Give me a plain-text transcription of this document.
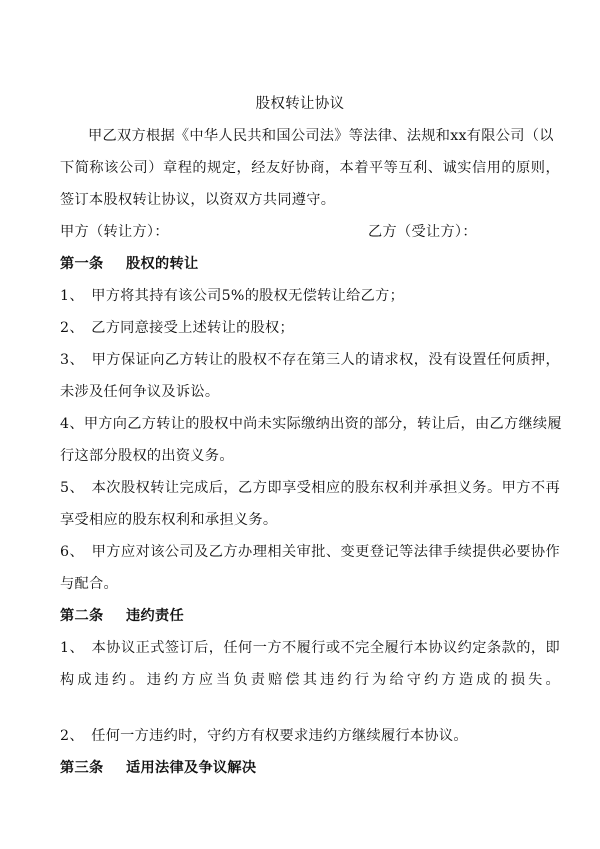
股权转让协议
甲乙双方根据《中华人民共和国公司法》等法律、法规和xx有限公司（以
下简称该公司）章程的规定，经友好协商，本着平等互利、诚实信用的原则，
签订本股权转让协议，以资双方共同遵守。
甲方（转让方）：	乙方（受让方）：
第一条 股权的转让
1、　甲方将其持有该公司5%的股权无偿转让给乙方；
2、　乙方同意接受上述转让的股权；
3、　甲方保证向乙方转让的股权不存在第三人的请求权，没有设置任何质押，
未涉及任何争议及诉讼。
4、甲方向乙方转让的股权中尚未实际缴纳出资的部分，转让后，由乙方继续履
行这部分股权的出资义务。
5、　本次股权转让完成后，乙方即享受相应的股东权利并承担义务。甲方不再
享受相应的股东权利和承担义务。
6、　甲方应对该公司及乙方办理相关审批、变更登记等法律手续提供必要协作
与配合。
第二条 违约责任
1、　本协议正式签订后，任何一方不履行或不完全履行本协议约定条款的，即
构成违约。违约方应当负责赔偿其违约行为给守约方造成的损失。
2、　任何一方违约时，守约方有权要求违约方继续履行本协议。
第三条 适用法律及争议解决
